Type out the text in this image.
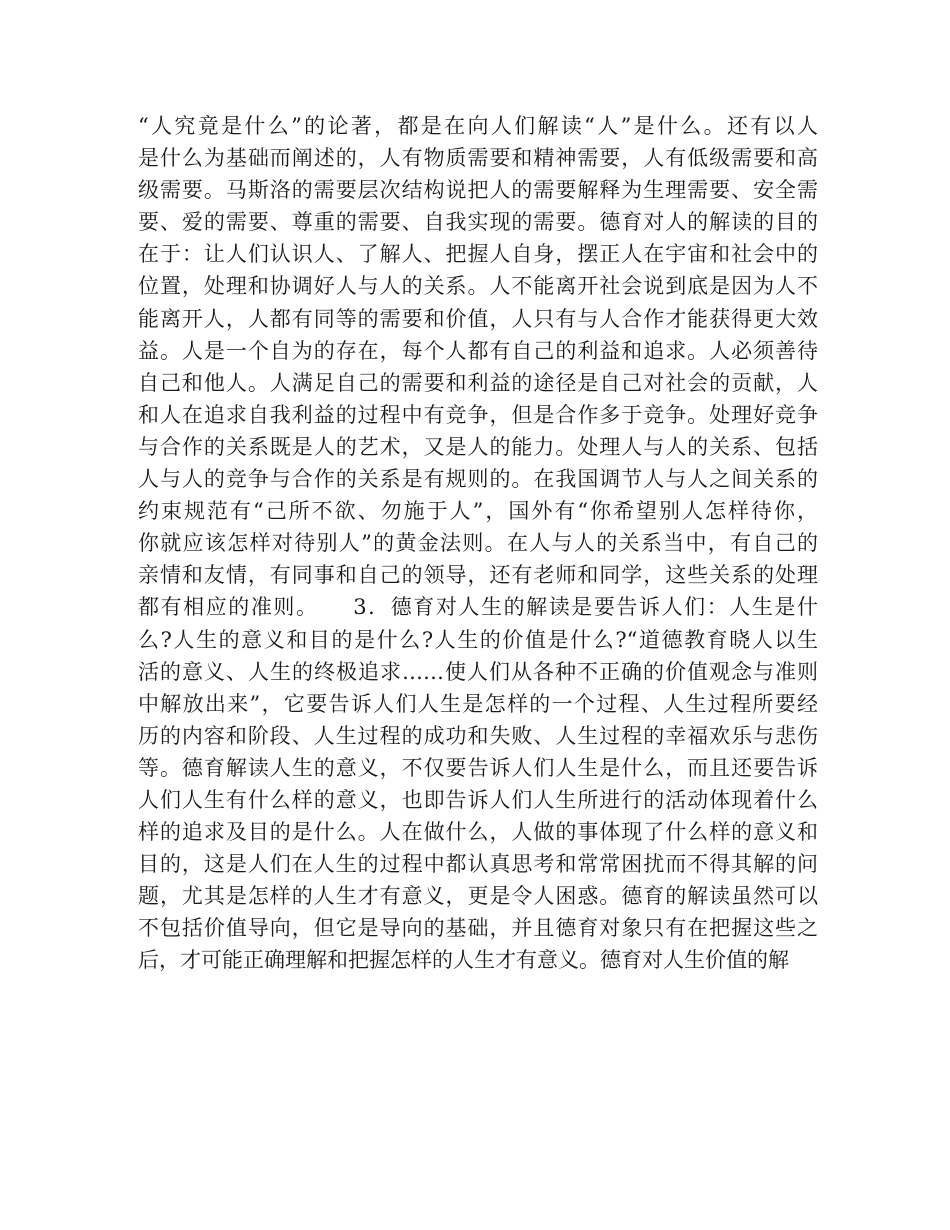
“人究竟是什么”的论著，都是在向人们解读“人”是什么。还有以人
是什么为基础而阐述的，人有物质需要和精神需要，人有低级需要和高
级需要。马斯洛的需要层次结构说把人的需要解释为生理需要、安全需
要、爱的需要、尊重的需要、自我实现的需要。德育对人的解读的目的
在于：让人们认识人、了解人、把握人自身，摆正人在宇宙和社会中的
位置，处理和协调好人与人的关系。人不能离开社会说到底是因为人不
能离开人，人都有同等的需要和价值，人只有与人合作才能获得更大效
益。人是一个自为的存在，每个人都有自己的利益和追求。人必须善待
自己和他人。人满足自己的需要和利益的途径是自己对社会的贡献，人
和人在追求自我利益的过程中有竞争，但是合作多于竞争。处理好竞争
与合作的关系既是人的艺术，又是人的能力。处理人与人的关系、包括
人与人的竞争与合作的关系是有规则的。在我国调节人与人之间关系的
约束规范有“己所不欲、勿施于人”，国外有“你希望别人怎样待你，
你就应该怎样对待别人”的黄金法则。在人与人的关系当中，有自己的
亲情和友情，有同事和自己的领导，还有老师和同学，这些关系的处理
都有相应的准则。　　3．德育对人生的解读是要告诉人们：人生是什
么?人生的意义和目的是什么?人生的价值是什么?“道德教育晓人以生
活的意义、人生的终极追求……使人们从各种不正确的价值观念与准则
中解放出来”，它要告诉人们人生是怎样的一个过程、人生过程所要经
历的内容和阶段、人生过程的成功和失败、人生过程的幸福欢乐与悲伤
等。德育解读人生的意义，不仅要告诉人们人生是什么，而且还要告诉
人们人生有什么样的意义，也即告诉人们人生所进行的活动体现着什么
样的追求及目的是什么。人在做什么，人做的事体现了什么样的意义和
目的，这是人们在人生的过程中都认真思考和常常困扰而不得其解的问
题，尤其是怎样的人生才有意义，更是令人困惑。德育的解读虽然可以
不包括价值导向，但它是导向的基础，并且德育对象只有在把握这些之
后，才可能正确理解和把握怎样的人生才有意义。德育对人生价值的解
